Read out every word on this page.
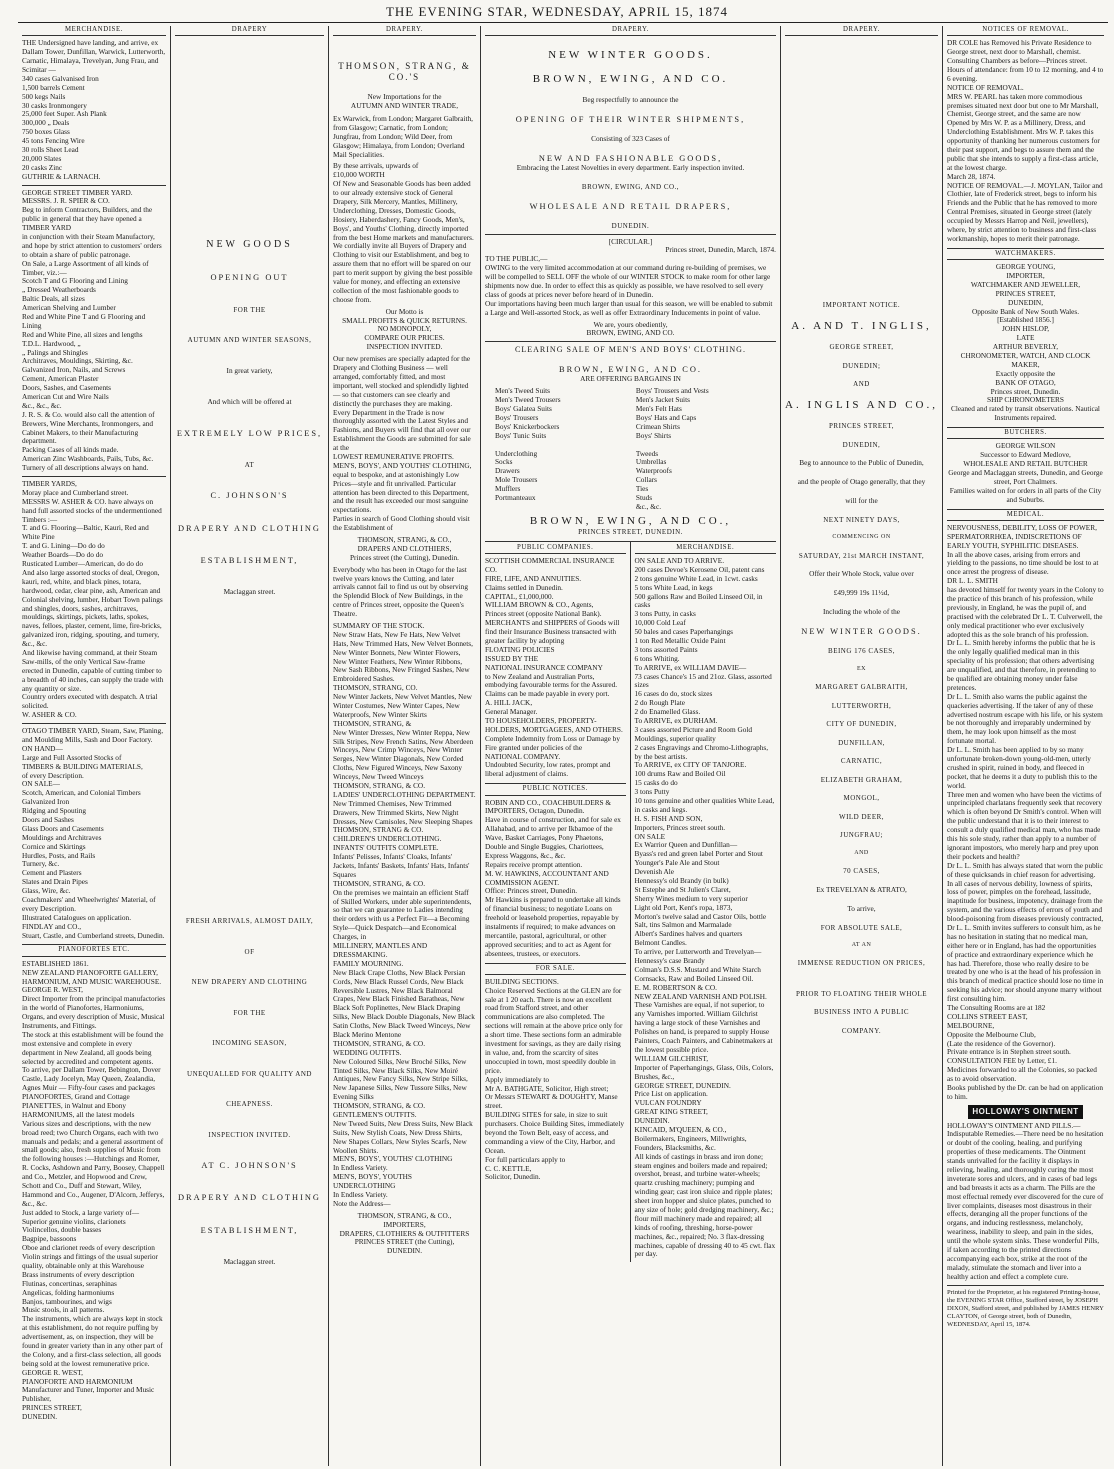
THE EVENING STAR, WEDNESDAY, APRIL 15, 1874
MERCHANDISE.
THE Undersigned have landing, and arrive, ex Dallam Tower, Dunfillan, Warwick, Lutterworth, Carnatic, Himalaya, Trevelyan, Jung Frau, and Scimitar —
340 cases Galvanised Iron
1,500 barrels Cement
500 kegs Nails
30 casks Ironmongery
25,000 feet Super. Ash Plank
300,000 „ Deals
750 boxes Glass
45 tons Fencing Wire
30 rolls Sheet Lead
20,000 Slates
20 casks Zinc
GUTHRIE & LARNACH.
GEORGE STREET TIMBER YARD.
MESSRS. J. R. SPIER & CO.
Beg to inform Contractors, Builders, and the public in general that they have opened a TIMBER YARD
in conjunction with their Steam Manufactory, and hope by strict attention to customers' orders to obtain a share of public patronage.
On Sale, a Large Assortment of all kinds of Timber, viz.:—
Scotch T and G Flooring and Lining
„ Dressed Weatherboards
Baltic Deals, all sizes
American Shelving and Lumber
Red and White Pine T and G Flooring and Lining
Red and White Pine, all sizes and lengths
T.D.L. Hardwood, „
„ Palings and Shingles
Architraves, Mouldings, Skirting, &c.
Galvanized Iron, Nails, and Screws
Cement, American Plaster
Doors, Sashes, and Casements
American Cut and Wire Nails
&c., &c., &c.
J. R. S. & Co. would also call the attention of Brewers, Wine Merchants, Ironmongers, and Cabinet Makers, to their Manufacturing department.
Packing Cases of all kinds made.
American Zinc Washboards, Pails, Tubs, &c.
Turnery of all descriptions always on hand.
TIMBER YARDS,
Moray place and Cumberland street.
MESSRS W. ASHER & CO. have always on hand full assorted stocks of the undermentioned Timbers :—
T. and G. Flooring—Baltic, Kauri, Red and White Pine
T. and G. Lining—Do do do
Weather Boards—Do do do
Rusticated Lumber—American, do do do
And also large assorted stocks of deal, Oregon, kauri, red, white, and black pines, totara, hardwood, cedar, clear pine, ash, American and Colonial shelving, lumber, Hobart Town palings and shingles, doors, sashes, architraves, mouldings, skirtings, pickets, laths, spokes, naves, felloes, plaster, cement, lime, fire-bricks, galvanized iron, ridging, spouting, and turnery, &c., &c.
And likewise having command, at their Steam Saw-mills, of the only Vertical Saw-frame erected in Dunedin, capable of cutting timber to a breadth of 40 inches, can supply the trade with any quantity or size.
Country orders executed with despatch. A trial solicited.
W. ASHER & CO.
OTAGO TIMBER YARD, Steam, Saw, Planing, and Moulding Mills, Sash and Door Factory.
ON HAND—
Large and Full Assorted Stocks of
TIMBERS & BUILDING MATERIALS,
of every Description.
ON SALE—
Scotch, American, and Colonial Timbers
Galvanized Iron
Ridging and Spouting
Doors and Sashes
Glass Doors and Casements
Mouldings and Architraves
Cornice and Skirtings
Hurdles, Posts, and Rails
Turnery, &c.
Cement and Plasters
Slates and Drain Pipes
Glass, Wire, &c.
Coachmakers' and Wheelwrights' Material, of every Description.
Illustrated Catalogues on application.
FINDLAY and CO.,
Stuart, Castle, and Cumberland streets, Dunedin.
PIANOFORTES ETC.
ESTABLISHED 1861.
NEW ZEALAND PIANOFORTE GALLERY, HARMONIUM, AND MUSIC WAREHOUSE.
GEORGE R. WEST,
Direct Importer from the principal manufactories in the world of Pianofortes, Harmoniums, Organs, and every description of Music, Musical Instruments, and Fittings.
The stock at this establishment will be found the most extensive and complete in every department in New Zealand, all goods being selected by accredited and competent agents.
To arrive, per Dallam Tower, Bebington, Dover Castle, Lady Jocelyn, May Queen, Zealandia, Agnes Muir — Fifty-four cases and packages
PIANOFORTES, Grand and Cottage
PIANETTES, in Walnut and Ebony
HARMONIUMS, all the latest models
Various sizes and descriptions, with the new broad reed; two Church Organs, each with two manuals and pedals; and a general assortment of small goods; also, fresh supplies of Music from the following houses :—Hutchings and Romer, R. Cocks, Ashdown and Parry, Boosey, Chappell and Co., Metzler, and Hopwood and Crew, Schott and Co., Duff and Stewart, Wiley, Hammond and Co., Augener, D'Alcorn, Jefferys, &c., &c.
Just added to Stock, a large variety of—
Superior genuine violins, clarionets
Violincellos, double basses
Bagpipe, bassoons
Oboe and clarionet reeds of every description
Violin strings and fittings of the usual superior quality, obtainable only at this Warehouse
Brass instruments of every description
Flutinas, concertinas, seraphinas
Angelicas, folding harmoniums
Banjos, tambourines, and wigs
Music stools, in all patterns.
The instruments, which are always kept in stock at this establishment, do not require puffing by advertisement, as, on inspection, they will be found in greater variety than in any other part of the Colony, and a first-class selection, all goods being sold at the lowest remunerative price.
GEORGE R. WEST,
PIANOFORTE AND HARMONIUM
Manufacturer and Tuner, Importer and Music Publisher,
PRINCES STREET,
DUNEDIN.
DRAPERY
NEW GOODS
OPENING OUT
FOR THE
AUTUMN AND WINTER SEASONS,
In great variety,
And which will be offered at
EXTREMELY LOW PRICES,
AT
C. JOHNSON'S
DRAPERY AND CLOTHING
ESTABLISHMENT,
Maclaggan street.
FRESH ARRIVALS, ALMOST DAILY,
OF
NEW DRAPERY AND CLOTHING
FOR THE
INCOMING SEASON,
UNEQUALLED FOR QUALITY AND
CHEAPNESS.
INSPECTION INVITED.
AT C. JOHNSON'S
DRAPERY AND CLOTHING
ESTABLISHMENT,
Maclaggan street.
DRAPERY.
THOMSON, STRANG, & CO.'S
New Importations for the
AUTUMN AND WINTER TRADE,
Ex Warwick, from London; Margaret Galbraith, from Glasgow; Carnatic, from London; Jungfrau, from London; Wild Deer, from Glasgow; Himalaya, from London; Overland Mail Specialities.
By these arrivals, upwards of
£10,000 WORTH
Of New and Seasonable Goods has been added to our already extensive stock of General Drapery, Silk Mercery, Mantles, Millinery, Underclothing, Dresses, Domestic Goods, Hosiery, Haberdashery, Fancy Goods, Men's, Boys', and Youths' Clothing, directly imported from the best Home markets and manufacturers.
We cordially invite all Buyers of Drapery and Clothing to visit our Establishment, and beg to assure them that no effort will be spared on our part to merit support by giving the best possible value for money, and effecting an extensive collection of the most fashionable goods to choose from.
Our Motto is
SMALL PROFITS & QUICK RETURNS.
NO MONOPOLY,
COMPARE OUR PRICES.
INSPECTION INVITED.
Our new premises are specially adapted for the Drapery and Clothing Business — well arranged, comfortably fitted, and most important, well stocked and splendidly lighted — so that customers can see clearly and distinctly the purchases they are making.
Every Department in the Trade is now thoroughly assorted with the Latest Styles and Fashions, and Buyers will find that all over our Establishment the Goods are submitted for sale at the
LOWEST REMUNERATIVE PROFITS.
MEN'S, BOYS', AND YOUTHS' CLOTHING,
equal to bespoke, and at astonishingly Low Prices—style and fit unrivalled. Particular attention has been directed to this Department, and the result has exceeded our most sanguine expectations.
Parties in search of Good Clothing should visit the Establishment of
THOMSON, STRANG, & CO.,
DRAPERS AND CLOTHIERS,
Princes street (the Cutting), Dunedin.
Everybody who has been in Otago for the last twelve years knows the Cutting, and later arrivals cannot fail to find us out by observing the Splendid Block of New Buildings, in the centre of Princes street, opposite the Queen's Theatre.
SUMMARY OF THE STOCK.
New Straw Hats, New Fe Hats, New Velvet Hats, New Trimmed Hats, New Velvet Bonnets, New Winter Bonnets, New Winter Flowers, New Winter Feathers, New Winter Ribbons, New Sash Ribbons, New Fringed Sashes, New Embroidered Sashes.
THOMSON, STRANG, CO.
New Winter Jackets, New Velvet Mantles, New Winter Costumes, New Winter Capes, New Waterproofs, New Winter Skirts
THOMSON, STRANG, &
New Winter Dresses, New Winter Reppa, New Silk Stripes, New French Satins, New Aberdeen Winceys, New Crimp Winceys, New Winter Serges, New Winter Diagonals, New Corded Cloths, New Figured Winceys, New Saxony Winceys, New Tweed Winceys
THOMSON, STRANG, & CO.
LADIES' UNDERCLOTHING DEPARTMENT.
New Trimmed Chemises, New Trimmed Drawers, New Trimmed Skirts, New Night Dresses, New Camisoles, New Sleeping Shapes
THOMSON, STRANG & CO.
CHILDREN'S UNDERCLOTHING.
INFANTS' OUTFITS COMPLETE.
Infants' Pelisses, Infants' Cloaks, Infants' Jackets, Infants' Baskets, Infants' Hats, Infants' Squares
THOMSON, STRANG, & CO.
On the premises we maintain an efficient Staff of Skilled Workers, under able superintendents, so that we can guarantee to Ladies intending their orders with us a Perfect Fit—a Becoming Style—Quick Despatch—and Economical Charges, in
MILLINERY, MANTLES AND DRESSMAKING.
FAMILY MOURNING.
New Black Crape Cloths, New Black Persian Cords, New Black Russel Cords, New Black Reversible Lustres, New Black Balmoral Crapes, New Black Finished Baratheas, New Black Soft Poplinettes, New Black Draping Silks, New Black Double Diagonals, New Black Satin Cloths, New Black Tweed Winceys, New Black Merino Mentone
THOMSON, STRANG, & CO.
WEDDING OUTFITS.
New Coloured Silks, New Broché Silks, New Tinted Silks, New Black Silks, New Moiré Antiques, New Fancy Silks, New Stripe Silks, New Japanese Silks, New Tussore Silks, New Evening Silks
THOMSON, STRANG, & CO.
GENTLEMEN'S OUTFITS.
New Tweed Suits, New Dress Suits, New Black Suits, New Stylish Coats, New Dress Shirts, New Shapes Collars, New Styles Scarfs, New Woollen Shirts.
MEN'S, BOYS', YOUTHS' CLOTHING
In Endless Variety.
MEN'S, BOYS', YOUTHS UNDERCLOTHING
In Endless Variety.
Note the Address—
THOMSON, STRANG, & CO.,
IMPORTERS,
DRAPERS, CLOTHIERS & OUTFITTERS
PRINCES STREET (the Cutting),
DUNEDIN.
DRAPERY.
NEW WINTER GOODS.
BROWN, EWING, AND CO.
Beg respectfully to announce the
OPENING OF THEIR WINTER SHIPMENTS,
Consisting of 323 Cases of
NEW AND FASHIONABLE GOODS,
Embracing the Latest Novelties in every department. Early inspection invited.
BROWN, EWING, AND CO.,
WHOLESALE AND RETAIL DRAPERS,
DUNEDIN.
[CIRCULAR.]
Princes street, Dunedin, March, 1874.
TO THE PUBLIC,—
OWING to the very limited accommodation at our command during re-building of premises, we will be compelled to SELL OFF the whole of our WINTER STOCK to make room for other large shipments now due. In order to effect this as quickly as possible, we have resolved to sell every class of goods at prices never before heard of in Dunedin.
Our importations having been much larger than usual for this season, we will be enabled to submit a Large and Well-assorted Stock, as well as offer Extraordinary Inducements in point of value.
We are, yours obediently,
BROWN, EWING, AND CO.
CLEARING SALE OF MEN'S AND BOYS' CLOTHING.
BROWN, EWING, AND CO.
ARE OFFERING BARGAINS IN
Men's Tweed Suits
Men's Tweed Trousers
Boys' Galatea Suits
Boys' Trousers
Boys' Knickerbockers
Boys' Tunic Suits

Underclothing
Socks
Drawers
Mole Trousers
Mufflers
Portmanteaux
Boys' Trousers and Vests
Men's Jacket Suits
Men's Felt Hats
Boys' Hats and Caps
Crimean Shirts
Boys' Shirts

Tweeds
Umbrellas
Waterproofs
Collars
Ties
Studs
&c., &c.
BROWN, EWING, AND CO.,
PRINCES STREET, DUNEDIN.
PUBLIC COMPANIES.
SCOTTISH COMMERCIAL INSURANCE CO.
FIRE, LIFE, AND ANNUITIES.
Claims settled in Dunedin.
CAPITAL, £1,000,000.
WILLIAM BROWN & CO., Agents,
Princes street (opposite National Bank).
MERCHANTS and SHIPPERS of Goods will find their Insurance Business transacted with greater facility by adopting
FLOATING POLICIES
ISSUED BY THE
NATIONAL INSURANCE COMPANY
to New Zealand and Australian Ports, embodying favourable terms for the Assured.
Claims can be made payable in every port.
A. HILL JACK,
General Manager.
TO HOUSEHOLDERS, PROPERTY-HOLDERS, MORTGAGEES, AND OTHERS.
Complete Indemnity from Loss or Damage by Fire granted under policies of the
NATIONAL COMPANY.
Undoubted Security, low rates, prompt and liberal adjustment of claims.
PUBLIC NOTICES.
ROBIN AND CO., COACHBUILDERS & IMPORTERS, Octagon, Dunedin.
Have in course of construction, and for sale ex Allahabad, and to arrive per Ikbamoe of the Wave, Basket Carriages, Pony Phaetons, Double and Single Buggies, Chariottees, Express Waggons, &c., &c.
Repairs receive prompt attention.
M. W. HAWKINS, ACCOUNTANT AND COMMISSION AGENT.
Office: Princes street, Dunedin.
Mr Hawkins is prepared to undertake all kinds of financial business; to negotiate Loans on freehold or leasehold properties, repayable by instalments if required; to make advances on mercantile, pastoral, agricultural, or other approved securities; and to act as Agent for absentees, trustees, or executors.
FOR SALE.
BUILDING SECTIONS.
Choice Reserved Sections at the GLEN are for sale at 1 20 each. There is now an excellent road from Stafford street, and other communications are also completed. The sections will remain at the above price only for a short time. These sections form an admirable investment for savings, as they are daily rising in value, and, from the scarcity of sites unoccupied in town, most speedily double in price.
Apply immediately to
Mr A. BATHGATE, Solicitor, High street;
Or Messrs STEWART & DOUGHTY, Manse street.
BUILDING SITES for sale, in size to suit purchasers. Choice Building Sites, immediately beyond the Town Belt, easy of access, and commanding a view of the City, Harbor, and Ocean.
For full particulars apply to
C. C. KETTLE,
Solicitor, Dunedin.
MERCHANDISE.
ON SALE AND TO ARRIVE.
200 cases Devoe's Kerosene Oil, patent cans
2 tons genuine White Lead, in 1cwt. casks
5 tons White Lead, in kegs
500 gallons Raw and Boiled Linseed Oil, in casks
3 tons Putty, in casks
10,000 Cold Leaf
50 bales and cases Paperhangings
1 ton Red Metallic Oxide Paint
3 tons assorted Paints
6 tons Whiting.
To ARRIVE, ex WILLIAM DAVIE—
73 cases Chance's 15 and 21oz. Glass, assorted sizes
16 cases do do, stock sizes
2 do Rough Plate
2 do Enamelled Glass.
To ARRIVE, ex DURHAM.
3 cases assorted Picture and Room Gold Mouldings, superior quality
2 cases Engravings and Chromo-Lithographs, by the best artists.
To ARRIVE, ex CITY OF TANJORE.
100 drums Raw and Boiled Oil
15 casks do do
3 tons Putty
10 tons genuine and other qualities White Lead, in casks and kegs.
H. S. FISH AND SON,
Importers, Princes street south.
ON SALE
Ex Warrior Queen and Dunfillan—
Byass's red and green label Porter and Stout
Younger's Pale Ale and Stout
Devenish Ale
Hennessy's old Brandy (in bulk)
St Estephe and St Julien's Claret,
Sherry Wines medium to very superior
Light old Port, Kent's ropa, 1873,
Morton's twelve salad and Castor Oils, bottle Salt, tins Salmon and Marmalade
Albert's Sardines halves and quarters
Belmont Candles.
To arrive, per Lutterworth and Trevelyan—
Hennessy's case Brandy
Colman's D.S.S. Mustard and White Starch
Cornsacks, Raw and Boiled Linseed Oil.
E. M. ROBERTSON & CO.
NEW ZEALAND VARNISH AND POLISH.
These Varnishes are equal, if not superior, to any Varnishes imported. William Gilchrist having a large stock of these Varnishes and Polishes on hand, is prepared to supply House Painters, Coach Painters, and Cabinetmakers at the lowest possible price.
WILLIAM GILCHRIST,
Importer of Paperhangings, Glass, Oils, Colors, Brushes, &c.,
GEORGE STREET, DUNEDIN.
Price List on application.
VULCAN FOUNDRY
GREAT KING STREET,
DUNEDIN.
KINCAID, M'QUEEN, & CO.,
Boilermakers, Engineers, Millwrights, Founders, Blacksmiths, &c.
All kinds of castings in brass and iron done; steam engines and boilers made and repaired; overshot, breast, and turbine water-wheels; quartz crushing machinery; pumping and winding gear; cast iron sluice and ripple plates; sheet iron hopper and sluice plates, punched to any size of hole; gold dredging machinery, &c.; flour mill machinery made and repaired; all kinds of roofing, threshing, horse-power machines, &c., repaired; No. 3 flax-dressing machines, capable of dressing 40 to 45 cwt. flax per day.
DRAPERY.
IMPORTANT NOTICE.
A. AND T. INGLIS,
GEORGE STREET,
DUNEDIN;
AND
A. INGLIS AND CO.,
PRINCES STREET,
DUNEDIN,
Beg to announce to the Public of Dunedin,
and the people of Otago generally, that they
will for the
NEXT NINETY DAYS,
COMMENCING ON
SATURDAY, 21st MARCH INSTANT,
Offer their Whole Stock, value over
£49,999 19s 11½d,
Including the whole of the
NEW WINTER GOODS.
BEING 176 CASES,
EX
MARGARET GALBRAITH,
LUTTERWORTH,
CITY OF DUNEDIN,
DUNFILLAN,
CARNATIC,
ELIZABETH GRAHAM,
MONGOL,
WILD DEER,
JUNGFRAU;
AND
70 CASES,
Ex TREVELYAN & ATRATO,
To arrive,
FOR ABSOLUTE SALE,
AT AN
IMMENSE REDUCTION ON PRICES,
PRIOR TO FLOATING THEIR WHOLE
BUSINESS INTO A PUBLIC
COMPANY.
NOTICES OF REMOVAL.
DR COLE has Removed his Private Residence to George street, next door to Marshall, chemist. Consulting Chambers as before—Princes street. Hours of attendance: from 10 to 12 morning, and 4 to 6 evening.
NOTICE OF REMOVAL.
MRS W. PEARL has taken more commodious premises situated next door but one to Mr Marshall, Chemist, George street, and the same are now Opened by Mrs W. P. as a Millinery, Dress, and Underclothing Establishment. Mrs W. P. takes this opportunity of thanking her numerous customers for their past support, and begs to assure them and the public that she intends to supply a first-class article, at the lowest charge.
March 28, 1874.
NOTICE OF REMOVAL.—J. MOYLAN, Tailor and Clothier, late of Frederick street, begs to inform his Friends and the Public that he has removed to more Central Premises, situated in George street (lately occupied by Messrs Harrop and Neil, jewellers), where, by strict attention to business and first-class workmanship, hopes to merit their patronage.
WATCHMAKERS.
GEORGE YOUNG,
IMPORTER,
WATCHMAKER AND JEWELLER,
PRINCES STREET,
DUNEDIN,
Opposite Bank of New South Wales.
[Established 1856.]
JOHN HISLOP,
LATE
ARTHUR BEVERLY,
CHRONOMETER, WATCH, AND CLOCK MAKER,
Exactly opposite the
BANK OF OTAGO,
Princes street, Dunedin.
SHIP CHRONOMETERS
Cleaned and rated by transit observations. Nautical Instruments repaired.
BUTCHERS.
GEORGE WILSON
Successor to Edward Medlove,
WHOLESALE AND RETAIL BUTCHER
George and Maclaggan streets, Dunedin, and George street, Port Chalmers.
Families waited on for orders in all parts of the City and Suburbs.
MEDICAL.
NERVOUSNESS, DEBILITY, LOSS OF POWER, SPERMATORRHŒA, INDISCRETIONS OF EARLY YOUTH, SYPHILITIC DISEASES.
In all the above cases, arising from errors and yielding to the passions, no time should be lost to at once arrest the progress of disease.
DR L. L. SMITH
has devoted himself for twenty years in the Colony to the practice of this branch of his profession, while previously, in England, he was the pupil of, and practised with the celebrated Dr L. T. Culverwell, the only medical practitioner who ever exclusively adopted this as the sole branch of his profession.
Dr L. L. Smith hereby informs the public that he is the only legally qualified medical man in this speciality of his profession; that others advertising are unqualified, and that therefore, in pretending to be qualified are obtaining money under false pretences.
Dr L. L. Smith also warns the public against the quackeries advertising. If the taker of any of these advertised nostrum escape with his life, or his system be not thoroughly and irreparably undermined by them, he may look upon himself as the most fortunate mortal.
Dr L. L. Smith has been applied to by so many unfortunate broken-down young-old-men, utterly crushed in spirit, ruined in body, and fleeced in pocket, that he deems it a duty to publish this to the world.
Three men and women who have been the victims of unprincipled charlatans frequently seek that recovery which is often beyond Dr Smith's control. When will the public understand that it is to their interest to consult a duly qualified medical man, who has made this his sole study, rather than apply to a number of ignorant impostors, who merely harp and prey upon their pockets and health?
Dr L. L. Smith has always stated that worn the public of these quicksands in chief reason for advertising.
In all cases of nervous debility, lowness of spirits, loss of power, pimples on the forehead, lassitude, inaptitude for business, impotency, drainage from the system, and the various effects of errors of youth and blood-poisoning from diseases previously contracted, Dr L. L. Smith invites sufferers to consult him, as he has no hesitation in stating that no medical man, either here or in England, has had the opportunities of practice and extraordinary experience which he has had. Therefore, those who really desire to be treated by one who is at the head of his profession in this branch of medical practice should lose no time in seeking his advice; nor should anyone marry without first consulting him.
The Consulting Rooms are at 182
COLLINS STREET EAST,
MELBOURNE,
Opposite the Melbourne Club,
(Late the residence of the Governor).
Private entrance is in Stephen street south.
CONSULTATION FEE by Letter, £1.
Medicines forwarded to all the Colonies, so packed as to avoid observation.
Books published by the Dr. can be had on application to him.
HOLLOWAY'S OINTMENT
HOLLOWAY'S OINTMENT AND PILLS.—Indisputable Remedies.—There need be no hesitation or doubt of the cooling, healing, and purifying properties of these medicaments. The Ointment stands unrivalled for the facility it displays in relieving, healing, and thoroughly curing the most inveterate sores and ulcers, and in cases of bad legs and bad breasts it acts as a charm. The Pills are the most effectual remedy ever discovered for the cure of liver complaints, diseases most disastrous in their effects, deranging all the proper functions of the organs, and inducing restlessness, melancholy, weariness, inability to sleep, and pain in the sides, until the whole system sinks. These wonderful Pills, if taken according to the printed directions accompanying each box, strike at the root of the malady, stimulate the stomach and liver into a healthy action and effect a complete cure.
Printed for the Proprietor, at his registered Printing-house, the EVENING STAR Office, Stafford street, by JOSEPH DIXON, Stafford street, and published by JAMES HENRY CLAYTON, of George street, both of Dunedin, WEDNESDAY, April 15, 1874.
